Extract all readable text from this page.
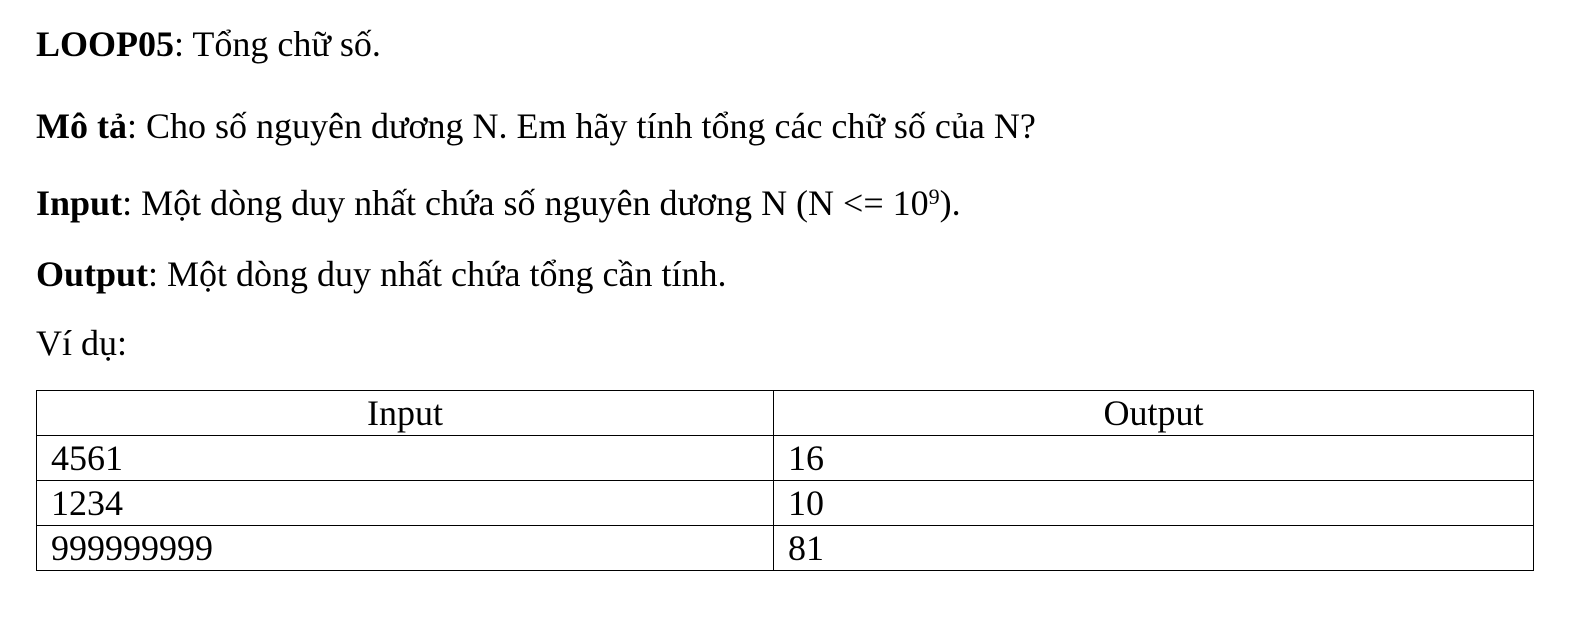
LOOP05: Tổng chữ số.
Mô tả: Cho số nguyên dương N. Em hãy tính tổng các chữ số của N?
Input: Một dòng duy nhất chứa số nguyên dương N $(N <= 10^9)$.
Output: Một dòng duy nhất chứa tổng cần tính.
Ví dụ:
Input	Output
4561	16
1234	10
999999999	81
